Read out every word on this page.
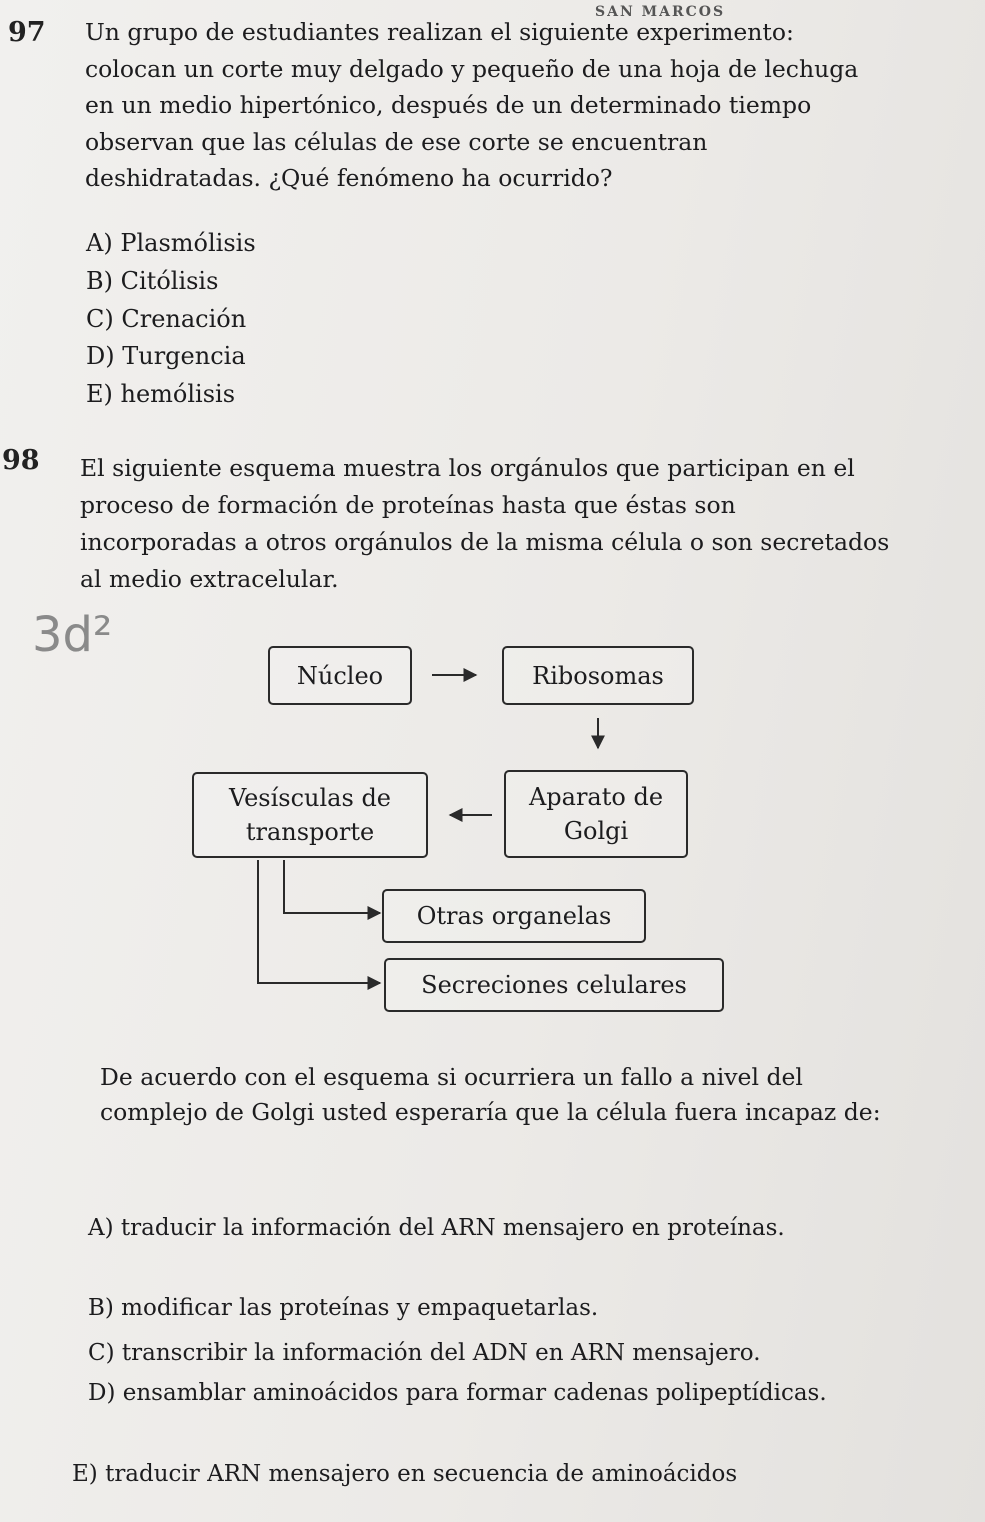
SAN MARCOS
97 Un grupo de estudiantes realizan el siguiente experimento: colocan un corte muy delgado y pequeño de una hoja de lechuga en un medio hipertónico, después de un determinado tiempo observan que las células de ese corte se encuentran deshidratadas. ¿Qué fenómeno ha ocurrido?
A) Plasmólisis
B) Citólisis
C) Crenación
D) Turgencia
E) hemólisis
98 El siguiente esquema muestra los orgánulos que participan en el proceso de formación de proteínas hasta que éstas son incorporadas a otros orgánulos de la misma célula o son secretados al medio extracelular.
3d²
Núcleo	Ribosomas
Aparato de Golgi
Vesísculas de transporte
Otras organelas
Secreciones celulares
De acuerdo con el esquema si ocurriera un fallo a nivel del complejo de Golgi usted esperaría que la célula fuera incapaz de:
A) traducir la información del ARN mensajero en proteínas.
B) modificar las proteínas y empaquetarlas.
C) transcribir la información del ADN en ARN mensajero.
D) ensamblar aminoácidos para formar cadenas polipeptídicas.
E) traducir ARN mensajero en secuencia de aminoácidos
